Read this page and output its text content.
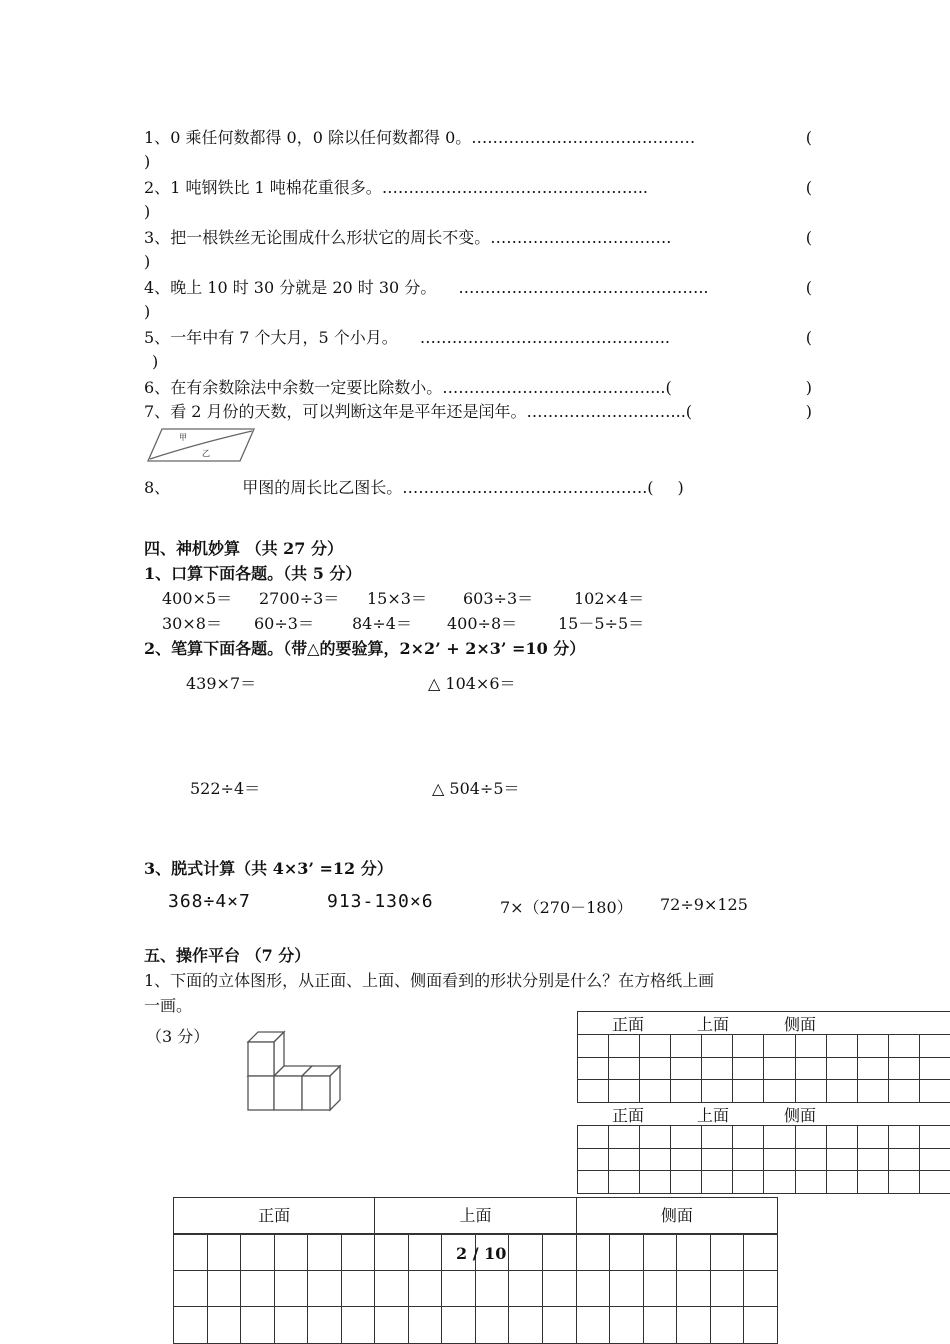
1、0 乘任何数都得 0，0 除以任何数都得 0。……………………………………	(
)
2、1 吨钢铁比 1 吨棉花重很多。…………………………………………..	(
)
3、把一根铁丝无论围成什么形状它的周长不变。…………………………….	(
)
4、晚上 10 时 30 分就是 20 时 30 分。 ………………………………………..	(
)
5、一年中有 7 个大月，5 个小月。 ………………………………………..	(
)
6、在有余数除法中余数一定要比除数小。…………………………………...(	)
7、看 2 月份的天数，可以判断这年是平年还是闰年。………………………...(	)
甲
乙
8、	甲图的周长比乙图长。……………………………………….( )
四、神机妙算 （共 27 分）
1、口算下面各题。（共 5 分）
400×5＝ 2700÷3＝ 15×3＝ 603÷3＝	102×4＝
30×8＝ 60÷3＝ 84÷4＝ 400÷8＝	15－5÷5＝
2、笔算下面各题。（带△的要验算，2×2’ + 2×3’ =10 分）
439×7＝	△ 104×6＝
522÷4＝	△ 504÷5＝
3、脱式计算（共 4×3’ =12 分）
368÷4×7	913-130×6	7×（270－180） 72÷9×125
五、操作平台 （7 分）
1、下面的立体图形，从正面、上面、侧面看到的形状分别是什么？在方格纸上画
一画。
（3 分）
正面	上面	侧面

正面	上面	侧面

正面	上面	侧面

2 / 10
